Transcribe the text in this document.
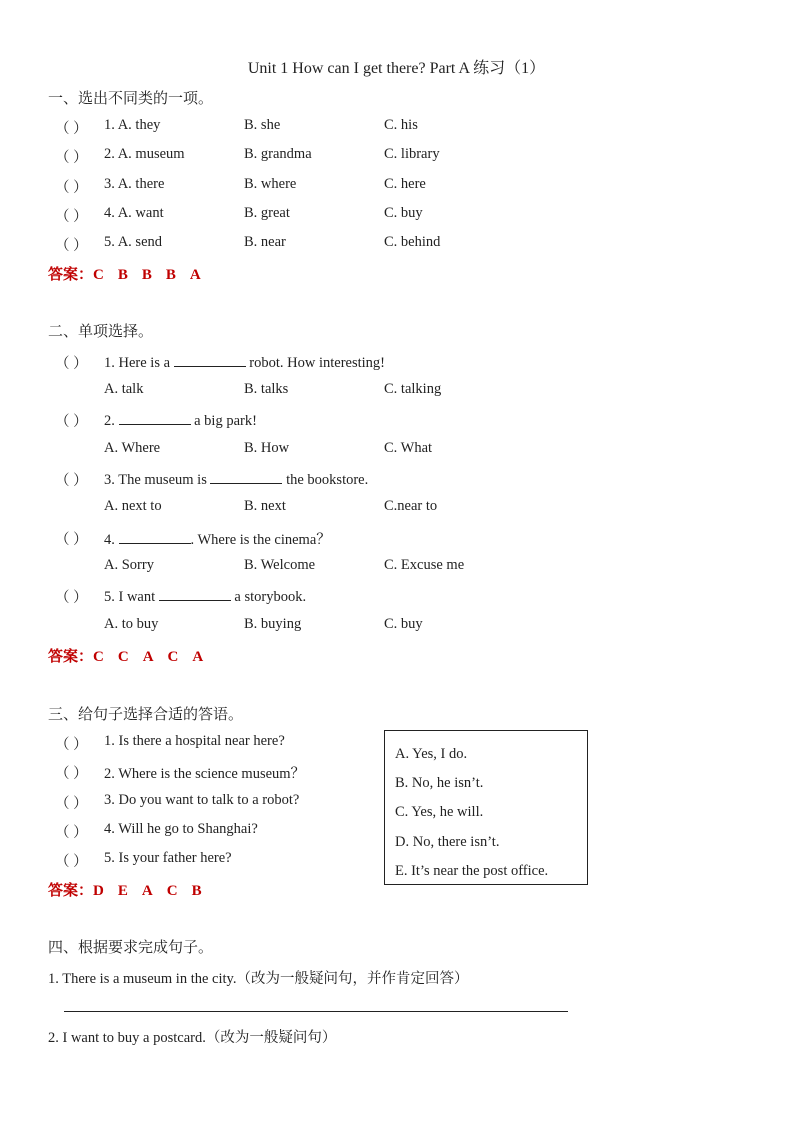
Unit 1 How can I get there? Part A 练习（1）
一、选出不同类的一项。
（ ） 1. A. they	B. she	C. his
（ ） 2. A. museum	B. grandma	C. library
（ ） 3. A. there	B. where	C. here
（ ） 4. A. want	B. great	C. buy
（ ） 5. A. send	B. near	C. behind
答案：C B B B A
二、单项选择。
（ ） 1. Here is a	robot. How interesting!
A. talk	B. talks	C. talking
（ ） 2.	a big park!
A. Where	B. How	C. What
（ ） 3. The museum is	the bookstore.
A. next to	B. next	C.near to
（ ） 4.	. Where is the cinema？
A. Sorry	B. Welcome	C. Excuse me
（ ） 5. I want	a storybook.
A. to buy	B. buying	C. buy
答案：C C A C A
三、给句子选择合适的答语。
（ ） 1. Is there a hospital near here?
（ ） 2. Where is the science museum？
（ ） 3. Do you want to talk to a robot?
（ ） 4. Will he go to Shanghai?
（ ） 5. Is your father here?
A. Yes, I do.
B. No, he isn’t.
C. Yes, he will.
D. No, there isn’t.
E. It’s near the post office.
答案：D E A C B
四、根据要求完成句子。
1. There is a museum in the city.（改为一般疑问句，并作肯定回答）
2. I want to buy a postcard.（改为一般疑问句）
